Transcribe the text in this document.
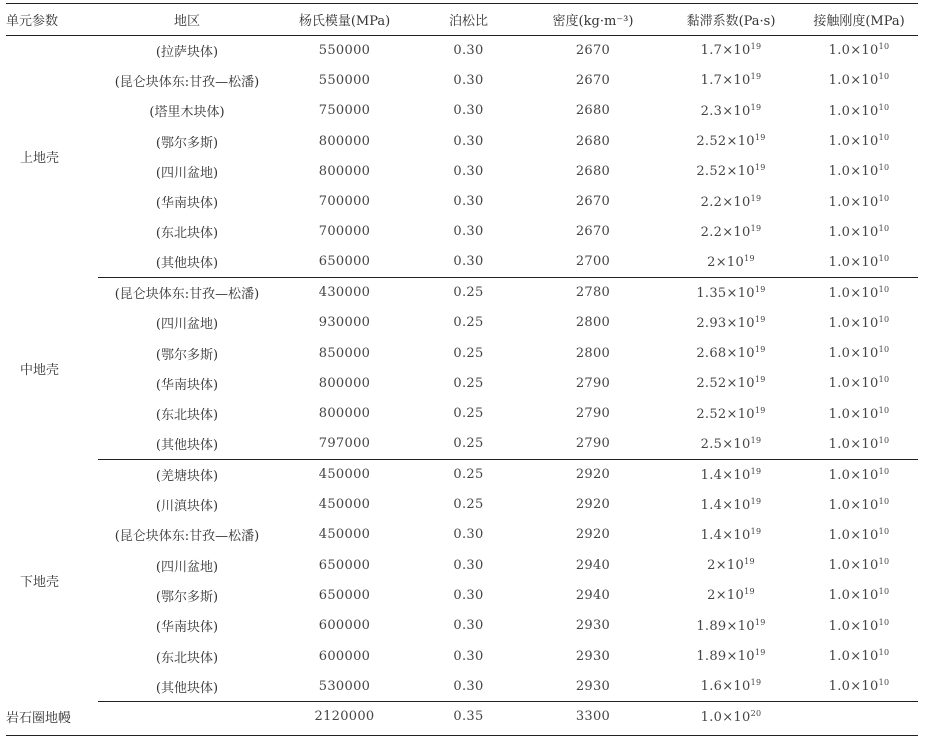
单元参数	地区	杨氏模量(MPa)	泊松比	密度(kg·m⁻³)	黏滞系数(Pa·s)	接触刚度(MPa)
上地壳	(拉萨块体)	550000	0.30	2670	$1.7\times 10^{19}$	$1.0\times 10^{10}$
	(昆仑块体东:甘孜—松潘)	550000	0.30	2670	$1.7\times 10^{19}$	$1.0\times 10^{10}$
	(塔里木块体)	750000	0.30	2680	$2.3\times 10^{19}$	$1.0\times 10^{10}$
	(鄂尔多斯)	800000	0.30	2680	$2.52\times 10^{19}$	$1.0\times 10^{10}$
	(四川盆地)	800000	0.30	2680	$2.52\times 10^{19}$	$1.0\times 10^{10}$
	(华南块体)	700000	0.30	2670	$2.2\times 10^{19}$	$1.0\times 10^{10}$
	(东北块体)	700000	0.30	2670	$2.2\times 10^{19}$	$1.0\times 10^{10}$
	(其他块体)	650000	0.30	2700	$2\times 10^{19}$	$1.0\times 10^{10}$
中地壳	(昆仑块体东:甘孜—松潘)	430000	0.25	2780	$1.35\times 10^{19}$	$1.0\times 10^{10}$
	(四川盆地)	930000	0.25	2800	$2.93\times 10^{19}$	$1.0\times 10^{10}$
	(鄂尔多斯)	850000	0.25	2800	$2.68\times 10^{19}$	$1.0\times 10^{10}$
	(华南块体)	800000	0.25	2790	$2.52\times 10^{19}$	$1.0\times 10^{10}$
	(东北块体)	800000	0.25	2790	$2.52\times 10^{19}$	$1.0\times 10^{10}$
	(其他块体)	797000	0.25	2790	$2.5\times 10^{19}$	$1.0\times 10^{10}$
下地壳	(羌塘块体)	450000	0.25	2920	$1.4\times 10^{19}$	$1.0\times 10^{10}$
	(川滇块体)	450000	0.25	2920	$1.4\times 10^{19}$	$1.0\times 10^{10}$
	(昆仑块体东:甘孜—松潘)	450000	0.30	2920	$1.4\times 10^{19}$	$1.0\times 10^{10}$
	(四川盆地)	650000	0.30	2940	$2\times 10^{19}$	$1.0\times 10^{10}$
	(鄂尔多斯)	650000	0.30	2940	$2\times 10^{19}$	$1.0\times 10^{10}$
	(华南块体)	600000	0.30	2930	$1.89\times 10^{19}$	$1.0\times 10^{10}$
	(东北块体)	600000	0.30	2930	$1.89\times 10^{19}$	$1.0\times 10^{10}$
	(其他块体)	530000	0.30	2930	$1.6\times 10^{19}$	$1.0\times 10^{10}$
岩石圈地幔		2120000	0.35	3300	$1.0\times 10^{20}$	
